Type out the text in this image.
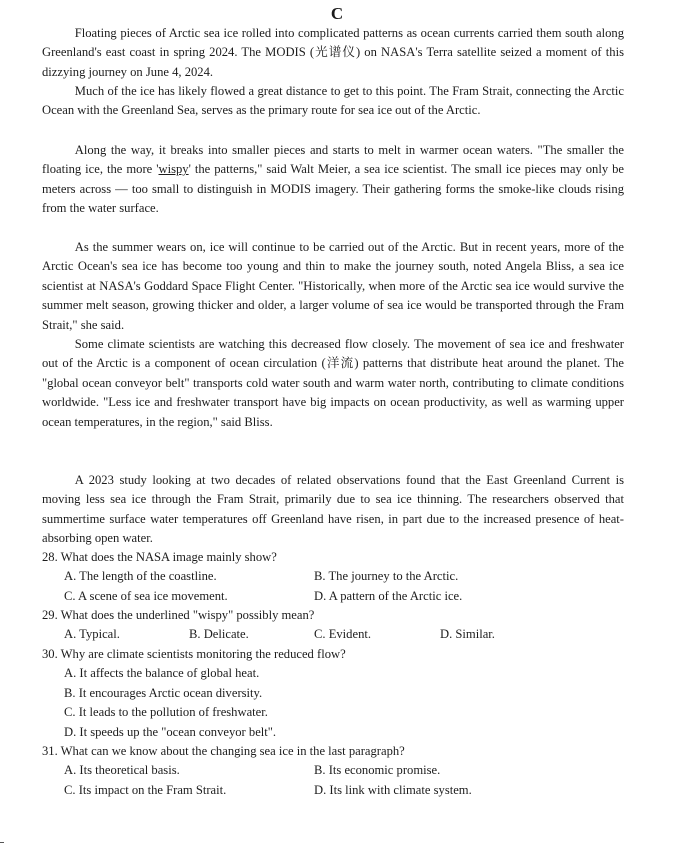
C

Floating pieces of Arctic sea ice rolled into complicated patterns as ocean currents carried them south along Greenland's east coast in spring 2024. The MODIS (光谱仪) on NASA's Terra satellite seized a moment of this dizzying journey on June 4, 2024.

Much of the ice has likely flowed a great distance to get to this point. The Fram Strait, connecting the Arctic Ocean with the Greenland Sea, serves as the primary route for sea ice out of the Arctic.

Along the way, it breaks into smaller pieces and starts to melt in warmer ocean waters. "The smaller the floating ice, the more 'wispy' the patterns," said Walt Meier, a sea ice scientist. The small ice pieces may only be meters across — too small to distinguish in MODIS imagery. Their gathering forms the smoke-like clouds rising from the water surface.

As the summer wears on, ice will continue to be carried out of the Arctic. But in recent years, more of the Arctic Ocean's sea ice has become too young and thin to make the journey south, noted Angela Bliss, a sea ice scientist at NASA's Goddard Space Flight Center. "Historically, when more of the Arctic sea ice would survive the summer melt season, growing thicker and older, a larger volume of sea ice would be transported through the Fram Strait," she said.

Some climate scientists are watching this decreased flow closely. The movement of sea ice and freshwater out of the Arctic is a component of ocean circulation (洋流) patterns that distribute heat around the planet. The "global ocean conveyor belt" transports cold water south and warm water north, contributing to climate conditions worldwide. "Less ice and freshwater transport have big impacts on ocean productivity, as well as warming upper ocean temperatures, in the region," said Bliss.

A 2023 study looking at two decades of related observations found that the East Greenland Current is moving less sea ice through the Fram Strait, primarily due to sea ice thinning. The researchers observed that summertime surface water temperatures off Greenland have risen, in part due to the increased presence of heat-absorbing open water.

28. What does the NASA image mainly show?
A. The length of the coastline.	B. The journey to the Arctic.
C. A scene of sea ice movement.	D. A pattern of the Arctic ice.
29. What does the underlined "wispy" possibly mean?
A. Typical.	B. Delicate.	C. Evident.	D. Similar.
30. Why are climate scientists monitoring the reduced flow?
A. It affects the balance of global heat.
B. It encourages Arctic ocean diversity.
C. It leads to the pollution of freshwater.
D. It speeds up the "ocean conveyor belt".
31. What can we know about the changing sea ice in the last paragraph?
A. Its theoretical basis.	B. Its economic promise.
C. Its impact on the Fram Strait.	D. Its link with climate system.
